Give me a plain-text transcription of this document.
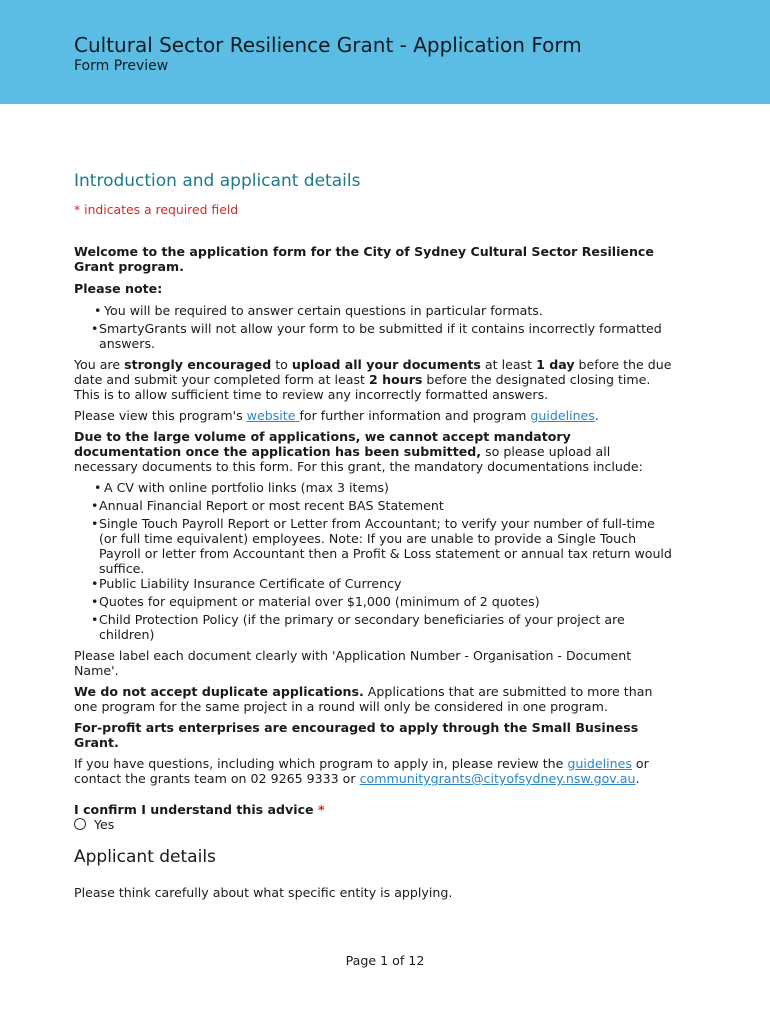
Cultural Sector Resilience Grant - Application Form
Form Preview
Introduction and applicant details
* indicates a required field

Welcome to the application form for the City of Sydney Cultural Sector Resilience Grant program.

Please note:

• You will be required to answer certain questions in particular formats.
• SmartyGrants will not allow your form to be submitted if it contains incorrectly formatted answers.

You are strongly encouraged to upload all your documents at least 1 day before the due date and submit your completed form at least 2 hours before the designated closing time. This is to allow sufficient time to review any incorrectly formatted answers.

Please view this program's website for further information and program guidelines.

Due to the large volume of applications, we cannot accept mandatory documentation once the application has been submitted, so please upload all necessary documents to this form. For this grant, the mandatory documentations include:

• A CV with online portfolio links (max 3 items)
• Annual Financial Report or most recent BAS Statement
• Single Touch Payroll Report or Letter from Accountant; to verify your number of full-time (or full time equivalent) employees. Note: If you are unable to provide a Single Touch Payroll or letter from Accountant then a Profit & Loss statement or annual tax return would suffice.
• Public Liability Insurance Certificate of Currency
• Quotes for equipment or material over $1,000 (minimum of 2 quotes)
• Child Protection Policy (if the primary or secondary beneficiaries of your project are children)

Please label each document clearly with 'Application Number - Organisation - Document Name'.

We do not accept duplicate applications. Applications that are submitted to more than one program for the same project in a round will only be considered in one program.

For-profit arts enterprises are encouraged to apply through the Small Business Grant.

If you have questions, including which program to apply in, please review the guidelines or contact the grants team on 02 9265 9333 or communitygrants@cityofsydney.nsw.gov.au.

I confirm I understand this advice *

Yes
Applicant details

Please think carefully about what specific entity is applying.

Page 1 of 12
